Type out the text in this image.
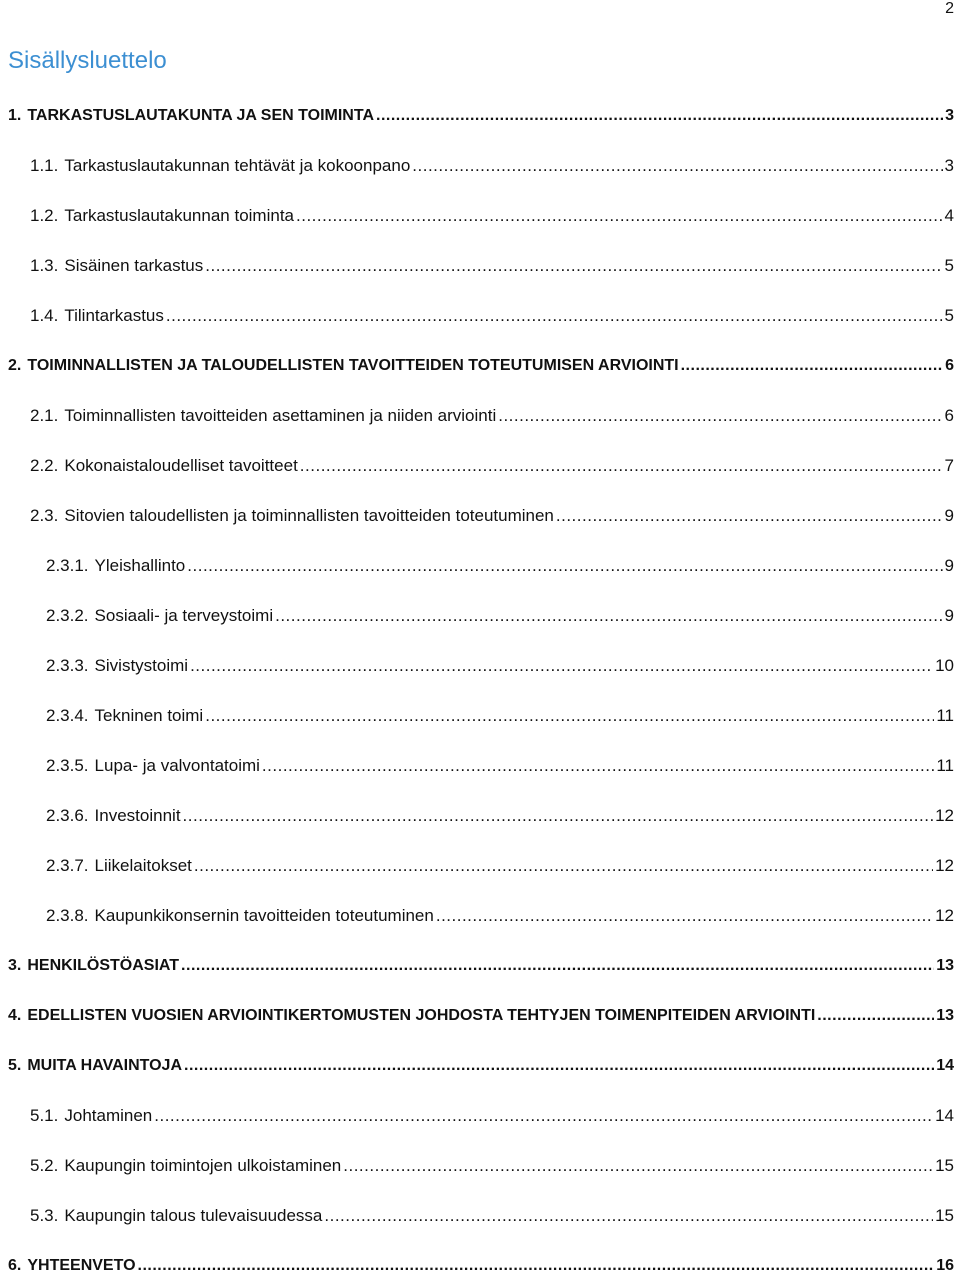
2
Sisällysluettelo
1. TARKASTUSLAUTAKUNTA JA SEN TOIMINTA .....	3
1.1. Tarkastuslautakunnan tehtävät ja kokoonpano .....	3
1.2. Tarkastuslautakunnan toiminta .....	4
1.3. Sisäinen tarkastus .....	5
1.4. Tilintarkastus .....	5
2. TOIMINNALLISTEN JA TALOUDELLISTEN TAVOITTEIDEN TOTEUTUMISEN ARVIOINTI .....	6
2.1. Toiminnallisten tavoitteiden asettaminen ja niiden arviointi .....	6
2.2. Kokonaistaloudelliset tavoitteet .....	7
2.3. Sitovien taloudellisten ja toiminnallisten tavoitteiden toteutuminen .....	9
2.3.1. Yleishallinto .....	9
2.3.2. Sosiaali- ja terveystoimi .....	9
2.3.3. Sivistystoimi .....	10
2.3.4. Tekninen toimi .....	11
2.3.5. Lupa- ja valvontatoimi .....	11
2.3.6. Investoinnit .....	12
2.3.7. Liikelaitokset .....	12
2.3.8. Kaupunkikonsernin tavoitteiden toteutuminen .....	12
3. HENKILÖSTÖASIAT .....	13
4. EDELLISTEN VUOSIEN ARVIOINTIKERTOMUSTEN JOHDOSTA TEHTYJEN TOIMENPITEIDEN ARVIOINTI .....	13
5. MUITA HAVAINTOJA .....	14
5.1. Johtaminen .....	14
5.2. Kaupungin toimintojen ulkoistaminen .....	15
5.3. Kaupungin talous tulevaisuudessa .....	15
6. YHTEENVETO .....	16
